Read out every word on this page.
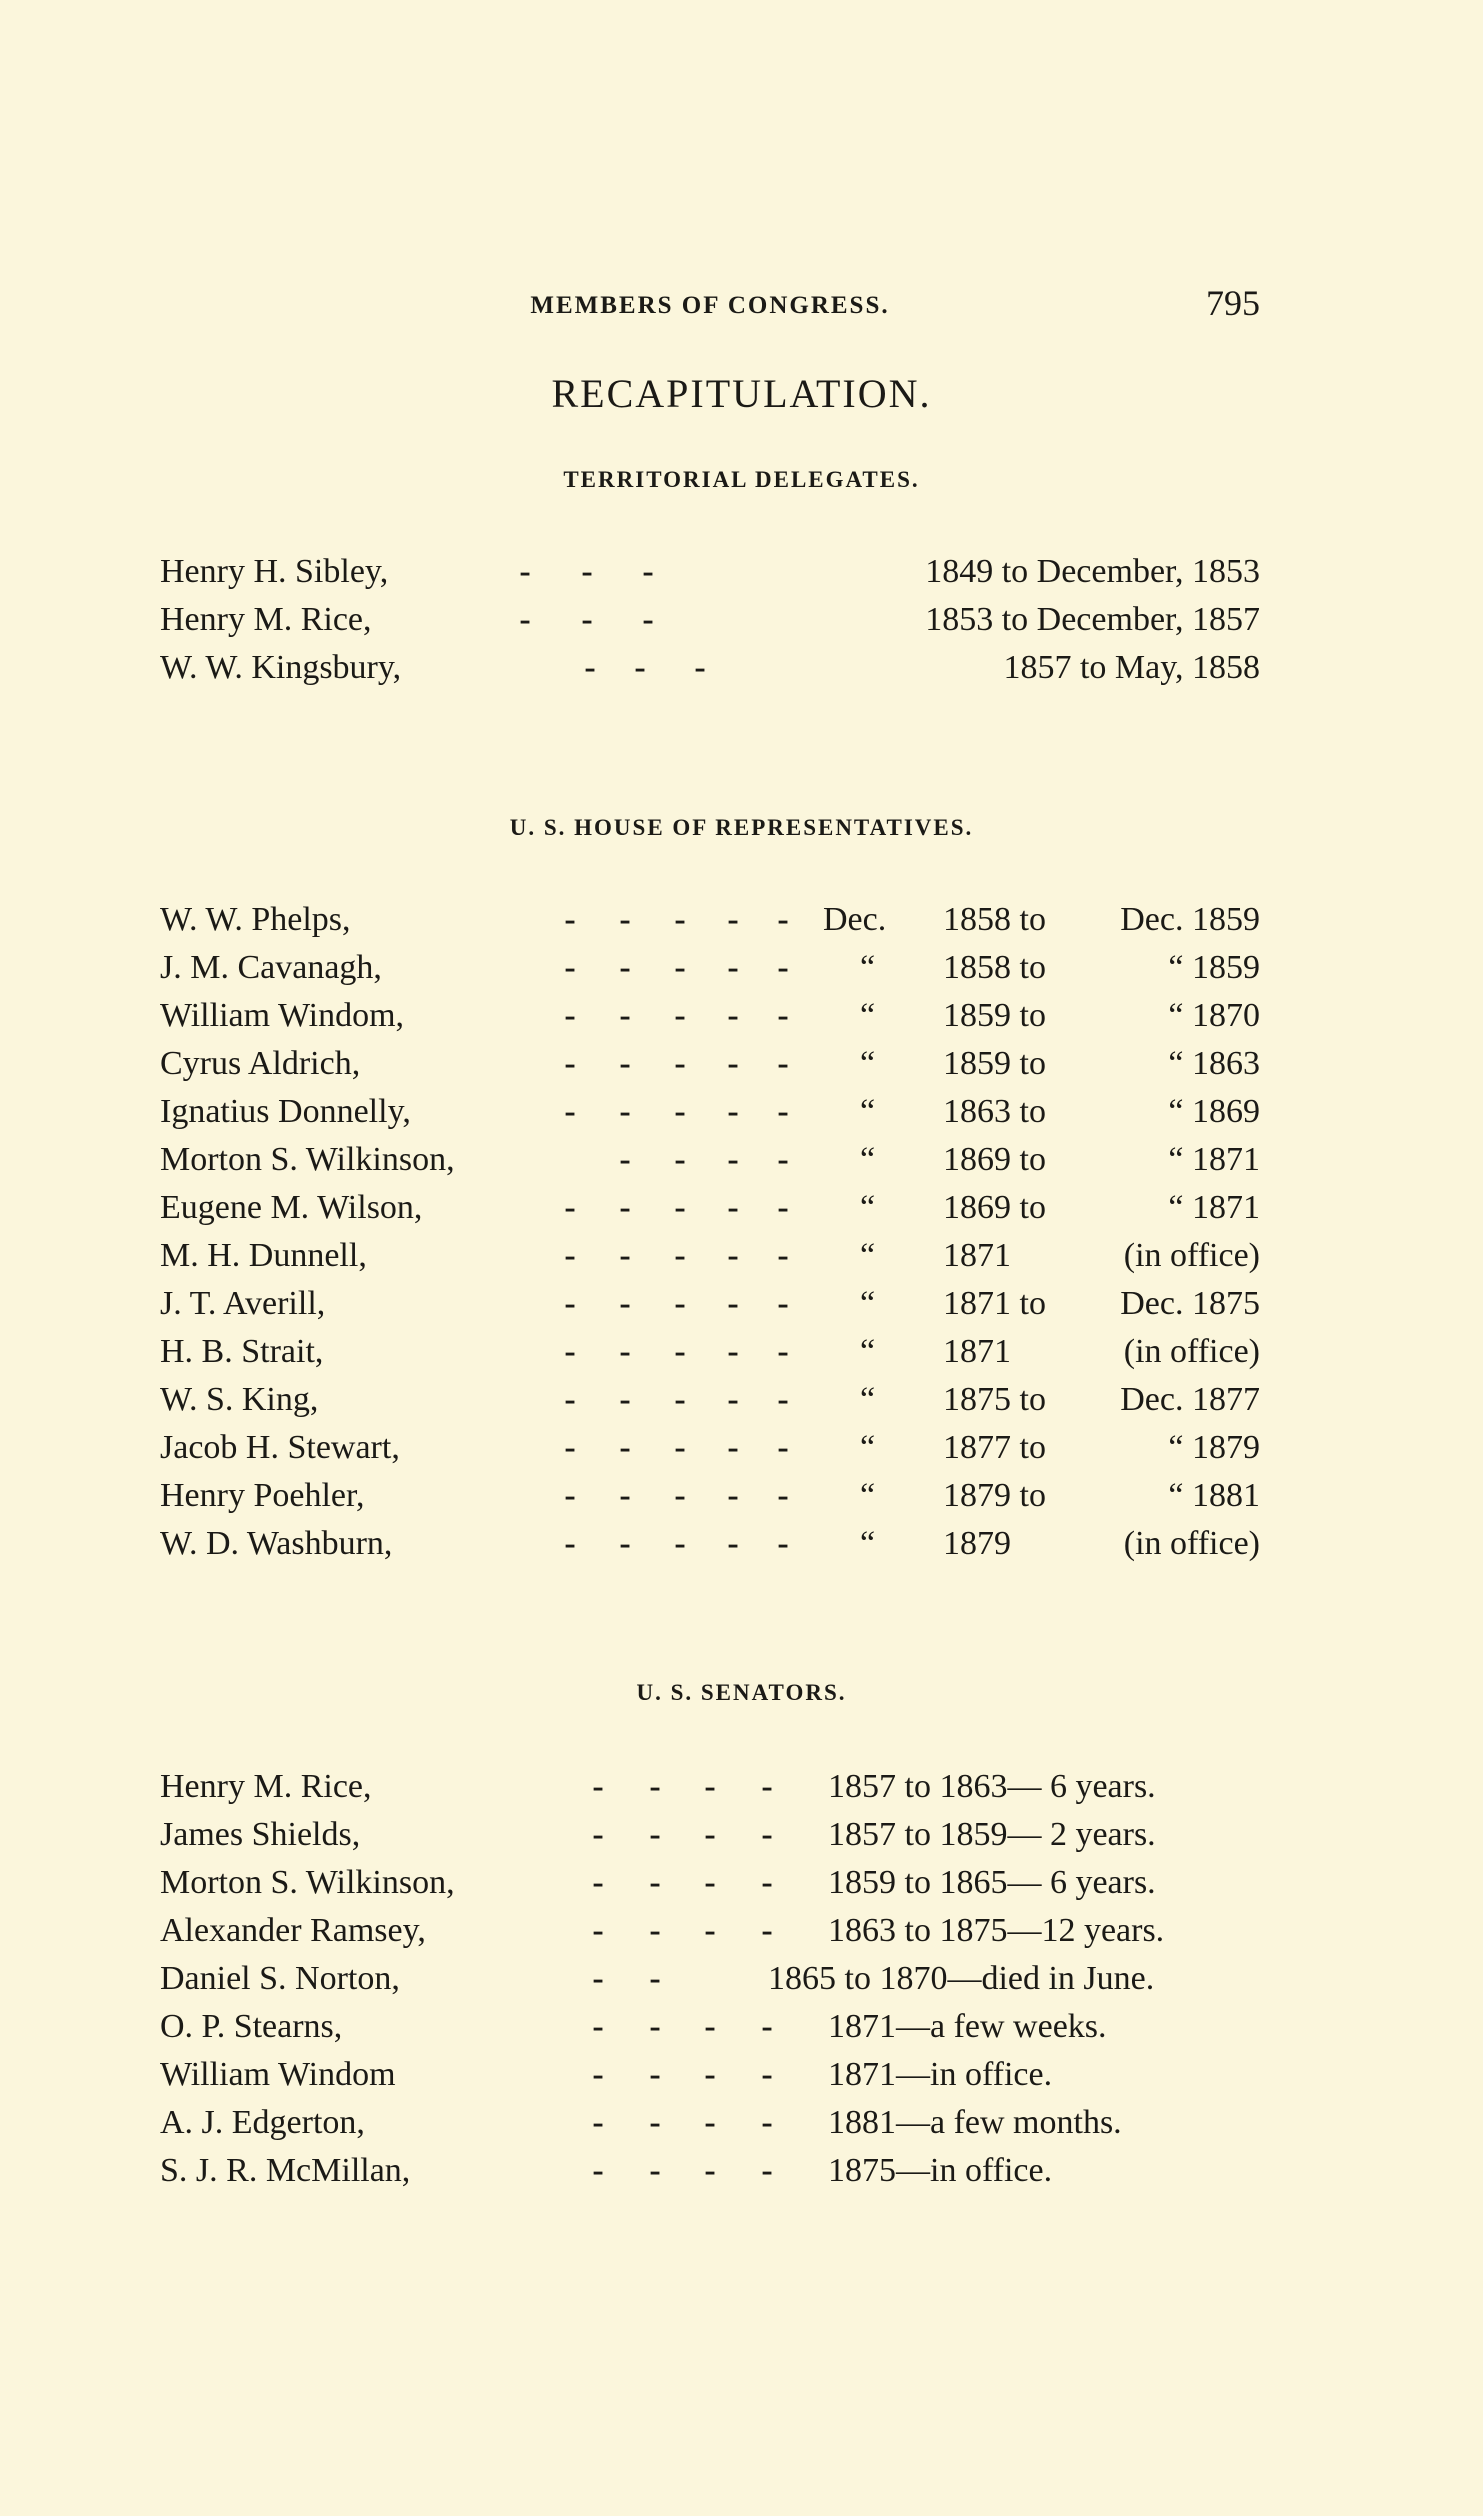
MEMBERS OF CONGRESS.	795
RECAPITULATION.
TERRITORIAL DELEGATES.
Henry H. Sibley,	- - -	1849 to December, 1853
Henry M. Rice,	- - -	1853 to December, 1857
W. W. Kingsbury,	- - -	1857 to May, 1858
U. S. HOUSE OF REPRESENTATIVES.
W. W. Phelps,	- - - - - Dec. 1858 to Dec. 1859
J. M. Cavanagh,	- - - - - “ 1858 to	“ 1859
William Windom,	- - - - - “ 1859 to	“ 1870
Cyrus Aldrich,	- - - - - “ 1859 to	“ 1863
Ignatius Donnelly,	- - - - - “ 1863 to	“ 1869
Morton S. Wilkinson,	- - - - “ 1869 to	“ 1871
Eugene M. Wilson,	- - - - - “ 1869 to	“ 1871
M. H. Dunnell,	- - - - - “ 1871	(in office)
J. T. Averill,	- - - - - “ 1871 to Dec. 1875
H. B. Strait,	- - - - - “ 1871	(in office)
W. S. King,	- - - - - “ 1875 to Dec. 1877
Jacob H. Stewart,	- - - - - “ 1877 to	“ 1879
Henry Poehler,	- - - - - “ 1879 to	“ 1881
W. D. Washburn,	- - - - - “ 1879	(in office)
U. S. SENATORS.
Henry M. Rice,	- - - - 1857 to 1863— 6 years.
James Shields,	- - - - 1857 to 1859— 2 years.
Morton S. Wilkinson,	- - - - 1859 to 1865— 6 years.
Alexander Ramsey,	- - - - 1863 to 1875—12 years.
Daniel S. Norton,	- -	1865 to 1870—died in June.
O. P. Stearns,	- - - - 1871—a few weeks.
William Windom	- - - - 1871—in office.
A. J. Edgerton,	- - - - 1881—a few months.
S. J. R. McMillan,	- - - - 1875—in office.
